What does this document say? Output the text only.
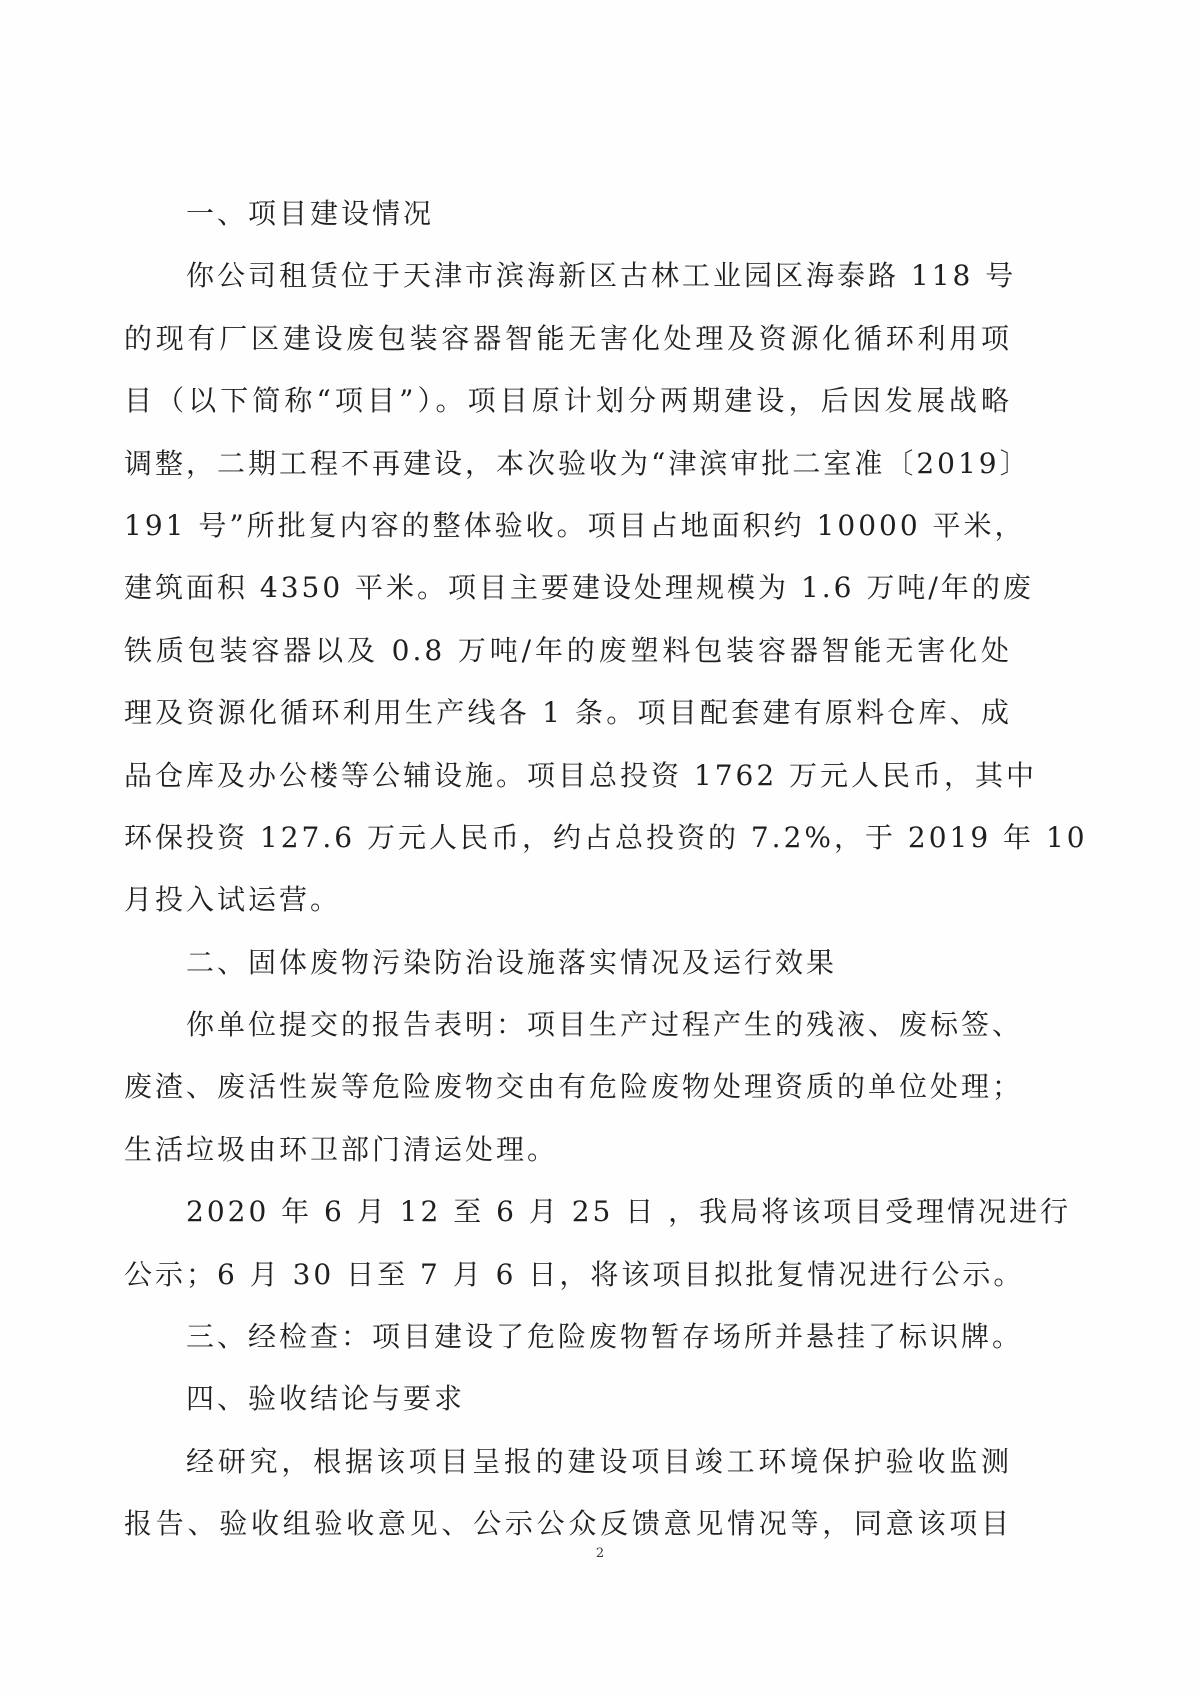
一、项目建设情况
你公司租赁位于天津市滨海新区古林工业园区海泰路 118 号
的现有厂区建设废包装容器智能无害化处理及资源化循环利用项
目（以下简称“项目”）。项目原计划分两期建设，后因发展战略
调整，二期工程不再建设，本次验收为“津滨审批二室准〔2019〕
191 号”所批复内容的整体验收。项目占地面积约 10000 平米，
建筑面积 4350 平米。项目主要建设处理规模为 1.6 万吨/年的废
铁质包装容器以及 0.8 万吨/年的废塑料包装容器智能无害化处
理及资源化循环利用生产线各 1 条。项目配套建有原料仓库、成
品仓库及办公楼等公辅设施。项目总投资 1762 万元人民币，其中
环保投资 127.6 万元人民币，约占总投资的 7.2%，于 2019 年 10
月投入试运营。
二、固体废物污染防治设施落实情况及运行效果
你单位提交的报告表明：项目生产过程产生的残液、废标签、
废渣、废活性炭等危险废物交由有危险废物处理资质的单位处理；
生活垃圾由环卫部门清运处理。
2020 年 6 月 12 至 6 月 25 日 ，我局将该项目受理情况进行
公示；6 月 30 日至 7 月 6 日，将该项目拟批复情况进行公示。
三、经检查：项目建设了危险废物暂存场所并悬挂了标识牌。
四、验收结论与要求
经研究，根据该项目呈报的建设项目竣工环境保护验收监测
报告、验收组验收意见、公示公众反馈意见情况等，同意该项目
2
